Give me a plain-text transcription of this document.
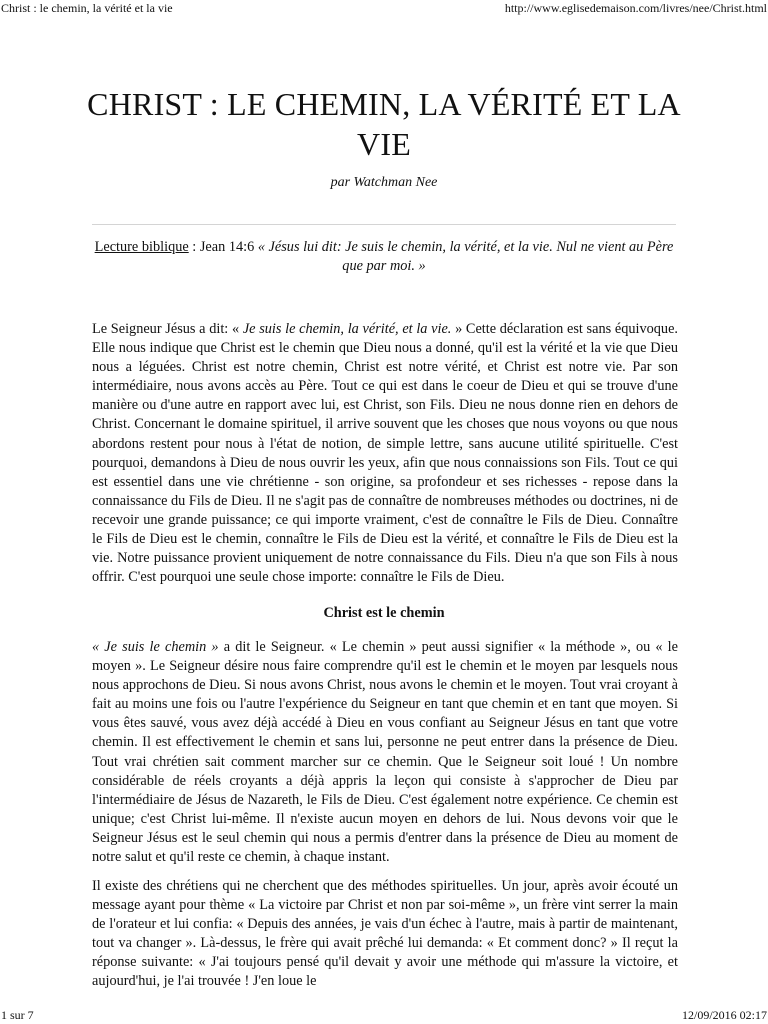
Christ : le chemin, la vérité et la vie	http://www.eglisedemaison.com/livres/nee/Christ.html
CHRIST : LE CHEMIN, LA VÉRITÉ ET LA VIE
par Watchman Nee
Lecture biblique : Jean 14:6 « Jésus lui dit: Je suis le chemin, la vérité, et la vie. Nul ne vient au Père que par moi. »

Le Seigneur Jésus a dit: « Je suis le chemin, la vérité, et la vie. » Cette déclaration est sans équivoque. Elle nous indique que Christ est le chemin que Dieu nous a donné, qu'il est la vérité et la vie que Dieu nous a léguées. Christ est notre chemin, Christ est notre vérité, et Christ est notre vie. Par son intermédiaire, nous avons accès au Père. Tout ce qui est dans le coeur de Dieu et qui se trouve d'une manière ou d'une autre en rapport avec lui, est Christ, son Fils. Dieu ne nous donne rien en dehors de Christ. Concernant le domaine spirituel, il arrive souvent que les choses que nous voyons ou que nous abordons restent pour nous à l'état de notion, de simple lettre, sans aucune utilité spirituelle. C'est pourquoi, demandons à Dieu de nous ouvrir les yeux, afin que nous connaissions son Fils. Tout ce qui est essentiel dans une vie chrétienne - son origine, sa profondeur et ses richesses - repose dans la connaissance du Fils de Dieu. Il ne s'agit pas de connaître de nombreuses méthodes ou doctrines, ni de recevoir une grande puissance; ce qui importe vraiment, c'est de connaître le Fils de Dieu. Connaître le Fils de Dieu est le chemin, connaître le Fils de Dieu est la vérité, et connaître le Fils de Dieu est la vie. Notre puissance provient uniquement de notre connaissance du Fils. Dieu n'a que son Fils à nous offrir. C'est pourquoi une seule chose importe: connaître le Fils de Dieu.

Christ est le chemin

« Je suis le chemin » a dit le Seigneur. « Le chemin » peut aussi signifier « la méthode », ou « le moyen ». Le Seigneur désire nous faire comprendre qu'il est le chemin et le moyen par lesquels nous nous approchons de Dieu. Si nous avons Christ, nous avons le chemin et le moyen. Tout vrai croyant à fait au moins une fois ou l'autre l'expérience du Seigneur en tant que chemin et en tant que moyen. Si vous êtes sauvé, vous avez déjà accédé à Dieu en vous confiant au Seigneur Jésus en tant que votre chemin. Il est effectivement le chemin et sans lui, personne ne peut entrer dans la présence de Dieu. Tout vrai chrétien sait comment marcher sur ce chemin. Que le Seigneur soit loué ! Un nombre considérable de réels croyants a déjà appris la leçon qui consiste à s'approcher de Dieu par l'intermédiaire de Jésus de Nazareth, le Fils de Dieu. C'est également notre expérience. Ce chemin est unique; c'est Christ lui-même. Il n'existe aucun moyen en dehors de lui. Nous devons voir que le Seigneur Jésus est le seul chemin qui nous a permis d'entrer dans la présence de Dieu au moment de notre salut et qu'il reste ce chemin, à chaque instant.

Il existe des chrétiens qui ne cherchent que des méthodes spirituelles. Un jour, après avoir écouté un message ayant pour thème « La victoire par Christ et non par soi-même », un frère vint serrer la main de l'orateur et lui confia: « Depuis des années, je vais d'un échec à l'autre, mais à partir de maintenant, tout va changer ». Là-dessus, le frère qui avait prêché lui demanda: « Et comment donc? » Il reçut la réponse suivante: « J'ai toujours pensé qu'il devait y avoir une méthode qui m'assure la victoire, et aujourd'hui, je l'ai trouvée ! J'en loue le

1 sur 7	12/09/2016 02:17
